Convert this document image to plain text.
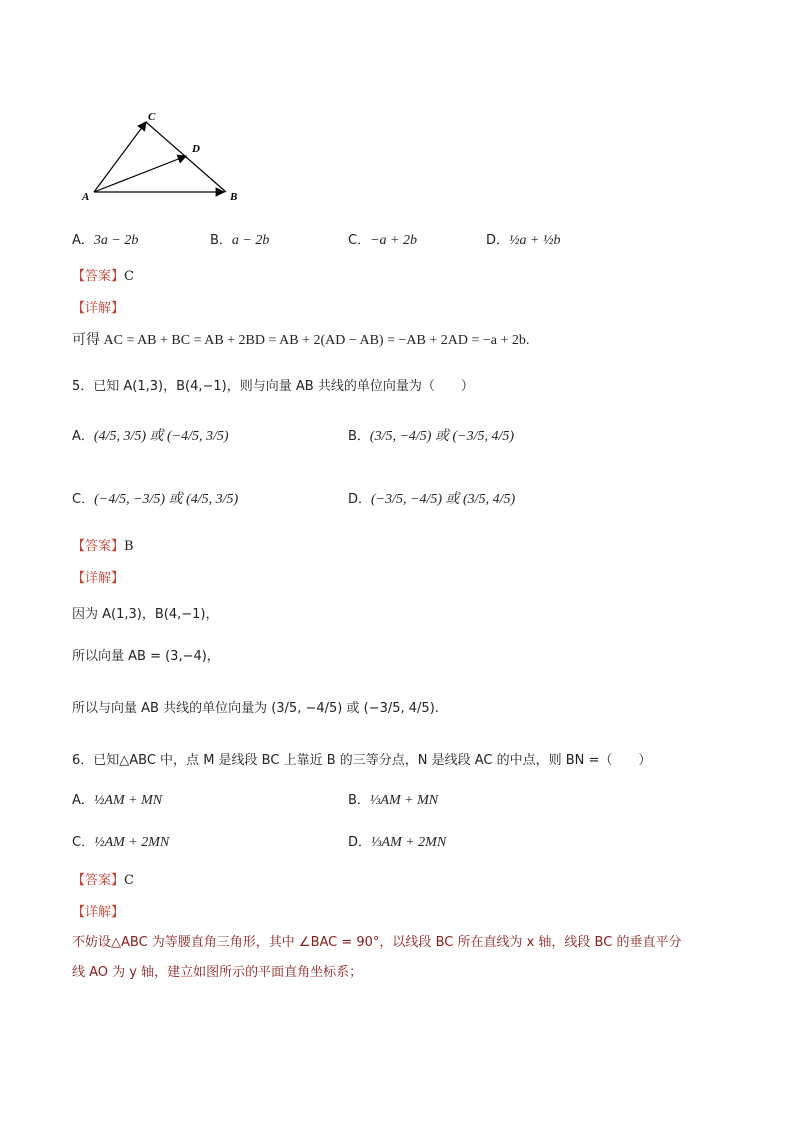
A	B
C
D
A．3a − 2b	B．a − 2b	C．−a + 2b	D．½a + ½b
【答案】C
【详解】
可得 AC = AB + BC = AB + 2BD = AB + 2(AD − AB) = −AB + 2AD = −a + 2b.
5．已知 A(1,3)，B(4,−1)，则与向量 AB 共线的单位向量为（　　）
A．(4/5, 3/5) 或 (−4/5, 3/5)	B．(3/5, −4/5) 或 (−3/5, 4/5)
C．(−4/5, −3/5) 或 (4/5, 3/5)	D．(−3/5, −4/5) 或 (3/5, 4/5)
【答案】B
【详解】
因为 A(1,3)，B(4,−1)，
所以向量 AB = (3,−4)，
所以与向量 AB 共线的单位向量为 (3/5, −4/5) 或 (−3/5, 4/5).
6．已知△ABC 中，点 M 是线段 BC 上靠近 B 的三等分点，N 是线段 AC 的中点，则 BN =（　　）
A．½AM + MN	B．⅓AM + MN
C．½AM + 2MN	D．⅓AM + 2MN
【答案】C
【详解】
不妨设△ABC 为等腰直角三角形，其中 ∠BAC = 90°，以线段 BC 所在直线为 x 轴，线段 BC 的垂直平分
线 AO 为 y 轴，建立如图所示的平面直角坐标系；
